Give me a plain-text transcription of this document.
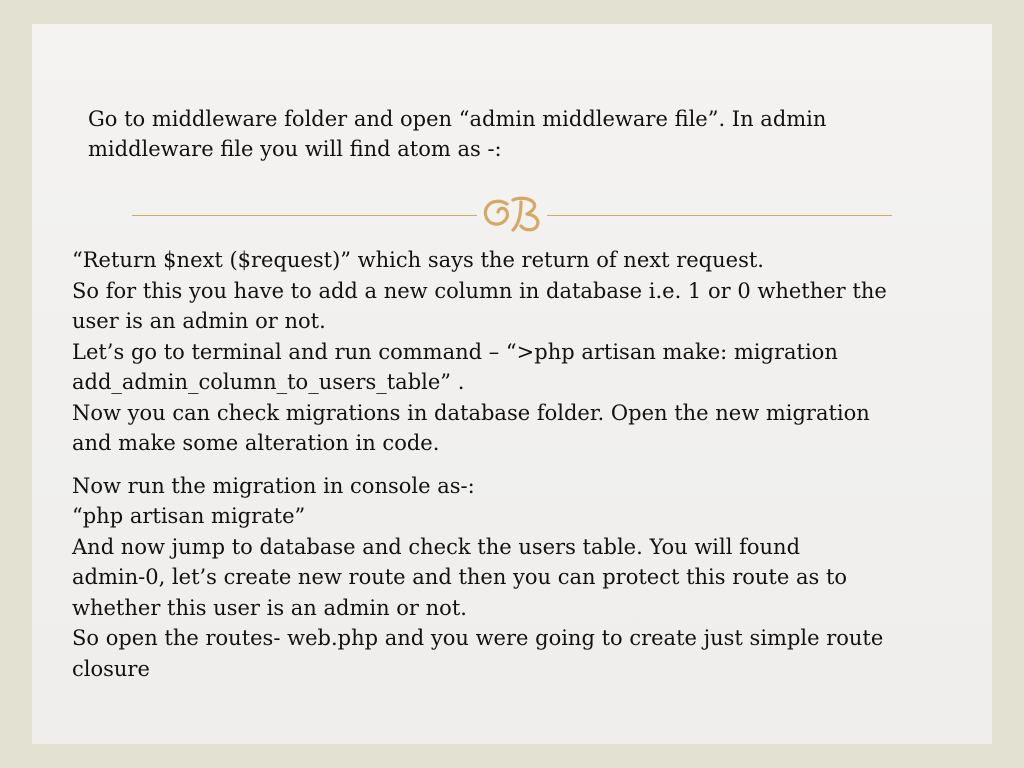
Go to middleware folder and open “admin middleware file”. In admin
middleware file you will find atom as -:

“Return $next ($request)” which says the return of next request.
So for this you have to add a new column in database i.e. 1 or 0 whether the
user is an admin or not.
Let’s go to terminal and run command – “>php artisan make: migration
add_admin_column_to_users_table” .
Now you can check migrations in database folder. Open the new migration
and make some alteration in code.

Now run the migration in console as-:
“php artisan migrate”
And now jump to database and check the users table. You will found
admin-0, let’s create new route and then you can protect this route as to
whether this user is an admin or not.
So open the routes- web.php and you were going to create just simple route
closure
